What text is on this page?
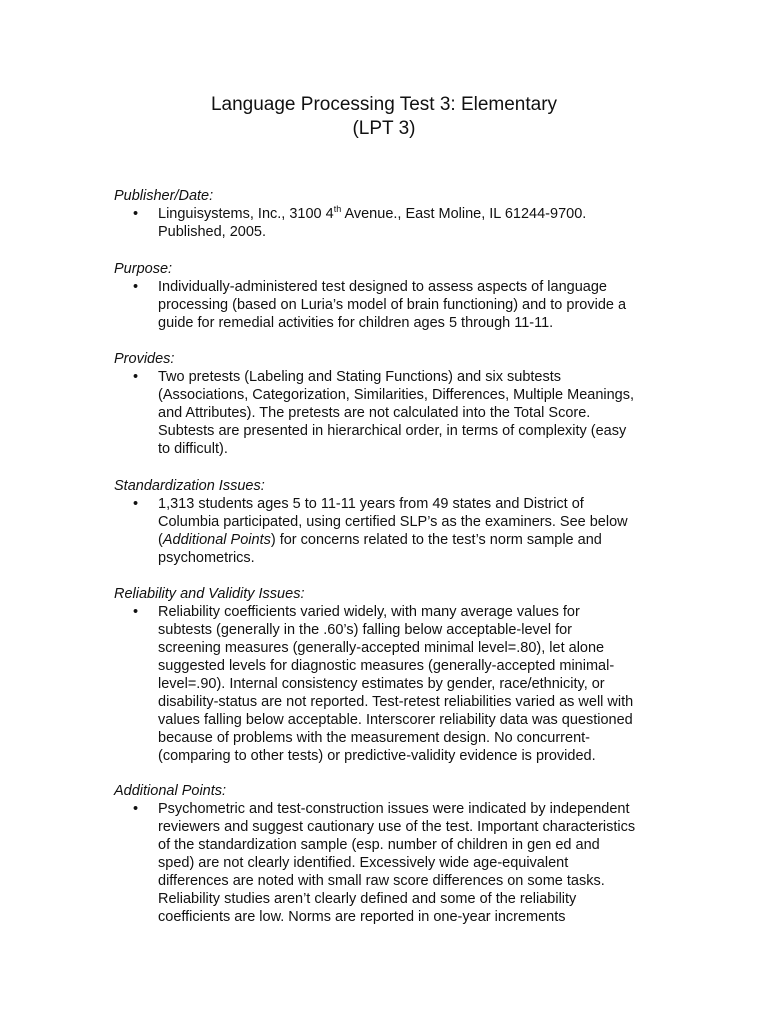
Language Processing Test 3: Elementary
(LPT 3)

Publisher/Date:

• Linguisystems, Inc., 3100 4th Avenue., East Moline, IL 61244-9700.
Published, 2005.

Purpose:

• Individually-administered test designed to assess aspects of language
processing (based on Luria’s model of brain functioning) and to provide a
guide for remedial activities for children ages 5 through 11-11.

Provides:

• Two pretests (Labeling and Stating Functions) and six subtests
(Associations, Categorization, Similarities, Differences, Multiple Meanings,
and Attributes). The pretests are not calculated into the Total Score.
Subtests are presented in hierarchical order, in terms of complexity (easy
to difficult).

Standardization Issues:

• 1,313 students ages 5 to 11-11 years from 49 states and District of
Columbia participated, using certified SLP’s as the examiners. See below
(Additional Points) for concerns related to the test’s norm sample and
psychometrics.

Reliability and Validity Issues:

• Reliability coefficients varied widely, with many average values for
subtests (generally in the .60’s) falling below acceptable-level for
screening measures (generally-accepted minimal level=.80), let alone
suggested levels for diagnostic measures (generally-accepted minimal-
level=.90). Internal consistency estimates by gender, race/ethnicity, or
disability-status are not reported. Test-retest reliabilities varied as well with
values falling below acceptable. Interscorer reliability data was questioned
because of problems with the measurement design. No concurrent-
(comparing to other tests) or predictive-validity evidence is provided.

Additional Points:

• Psychometric and test-construction issues were indicated by independent
reviewers and suggest cautionary use of the test. Important characteristics
of the standardization sample (esp. number of children in gen ed and
sped) are not clearly identified. Excessively wide age-equivalent
differences are noted with small raw score differences on some tasks.
Reliability studies aren’t clearly defined and some of the reliability
coefficients are low. Norms are reported in one-year increments
